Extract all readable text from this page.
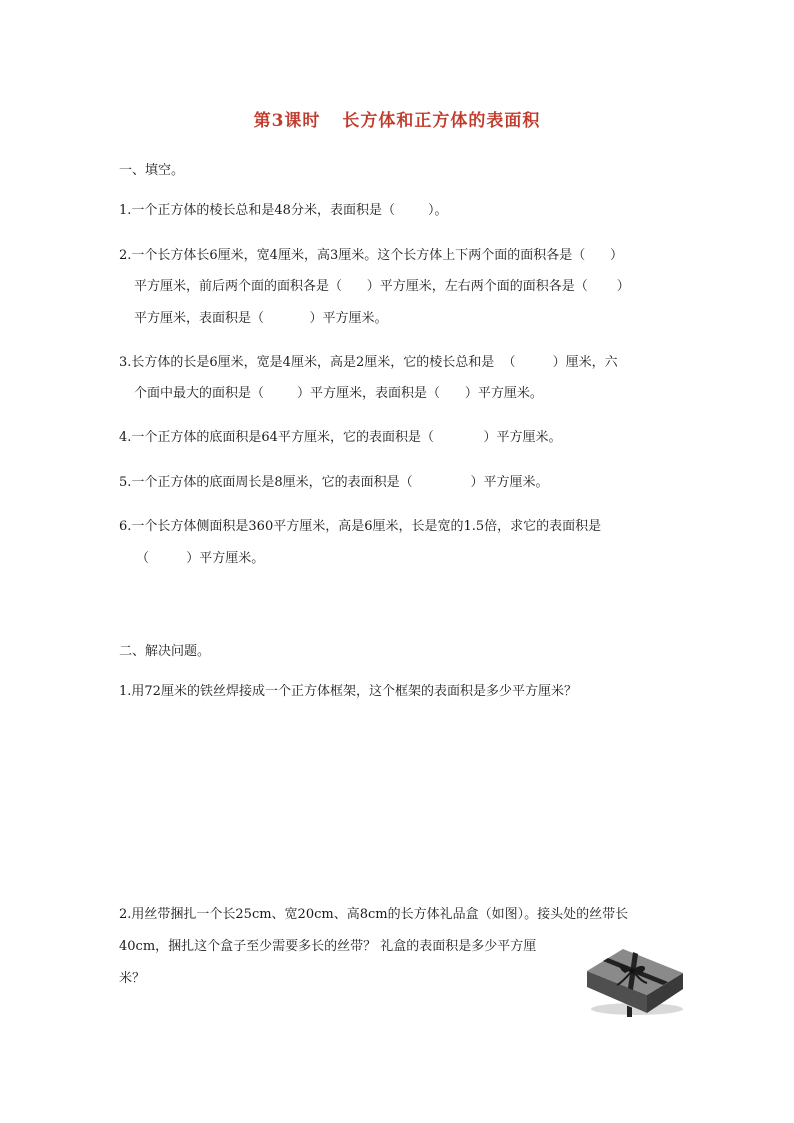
第3课时 长方体和正方体的表面积
一、填空。
1.一个正方体的棱长总和是48分米，表面积是（        ）。
2.一个长方体长6厘米，宽4厘米，高3厘米。这个长方体上下两个面的面积各是（      ）
平方厘米，前后两个面的面积各是（      ）平方厘米，左右两个面的面积各是（       ）
平方厘米，表面积是（           ）平方厘米。
3.长方体的长是6厘米，宽是4厘米，高是2厘米，它的棱长总和是  （         ）厘米，六
个面中最大的面积是（        ）平方厘米，表面积是（      ）平方厘米。
4.一个正方体的底面积是64平方厘米，它的表面积是（            ）平方厘米。
5.一个正方体的底面周长是8厘米，它的表面积是（              ）平方厘米。
6.一个长方体侧面积是360平方厘米，高是6厘米，长是宽的1.5倍，求它的表面积是
（         ）平方厘米。
二、解决问题。
1.用72厘米的铁丝焊接成一个正方体框架，这个框架的表面积是多少平方厘米？
2.用丝带捆扎一个长25cm、宽20cm、高8cm的长方体礼品盒（如图）。接头处的丝带长
40cm，捆扎这个盒子至少需要多长的丝带？ 礼盒的表面积是多少平方厘
米？
